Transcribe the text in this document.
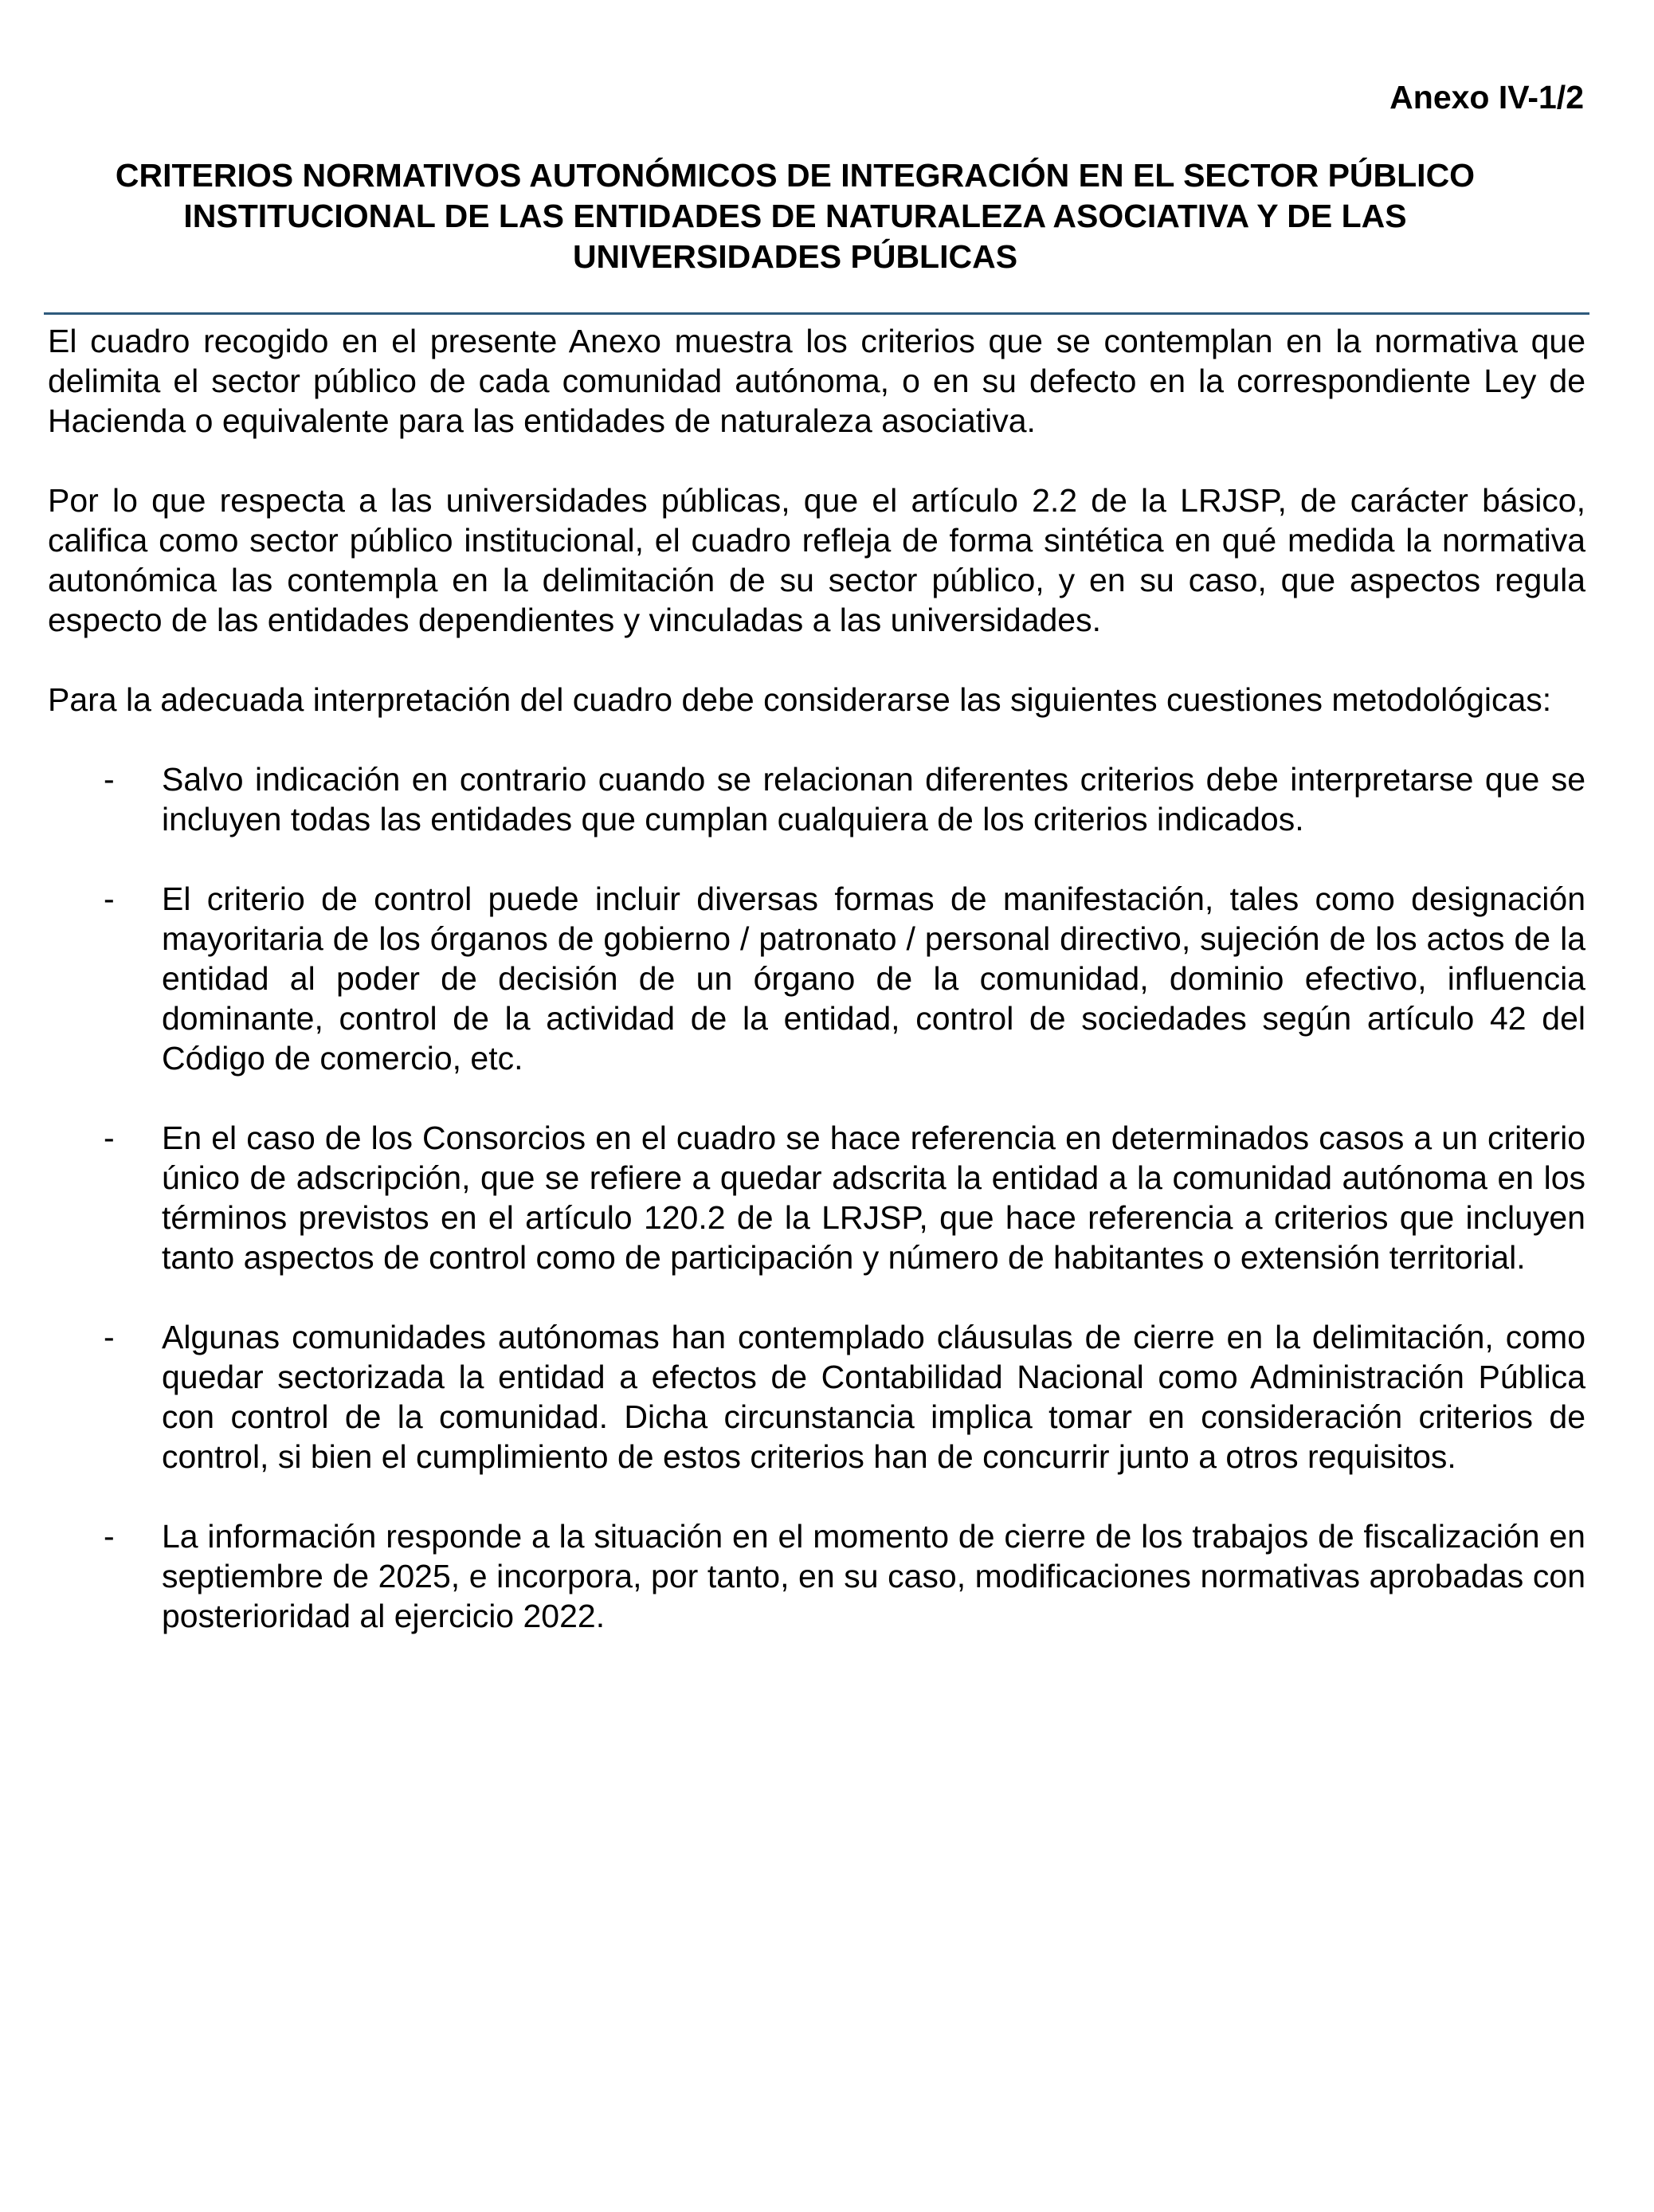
Anexo IV-1/2
CRITERIOS NORMATIVOS AUTONÓMICOS DE INTEGRACIÓN EN EL SECTOR PÚBLICO
INSTITUCIONAL DE LAS ENTIDADES DE NATURALEZA ASOCIATIVA Y DE LAS
UNIVERSIDADES PÚBLICAS

El cuadro recogido en el presente Anexo muestra los criterios que se contemplan en la normativa que delimita el sector público de cada comunidad autónoma, o en su defecto en la correspondiente Ley de Hacienda o equivalente para las entidades de naturaleza asociativa.

Por lo que respecta a las universidades públicas, que el artículo 2.2 de la LRJSP, de carácter básico, califica como sector público institucional, el cuadro refleja de forma sintética en qué medida la normativa autonómica las contempla en la delimitación de su sector público, y en su caso, que aspectos regula especto de las entidades dependientes y vinculadas a las universidades.

Para la adecuada interpretación del cuadro debe considerarse las siguientes cuestiones metodológicas:

- Salvo indicación en contrario cuando se relacionan diferentes criterios debe interpretarse que se incluyen todas las entidades que cumplan cualquiera de los criterios indicados.
- El criterio de control puede incluir diversas formas de manifestación, tales como designación mayoritaria de los órganos de gobierno / patronato / personal directivo, sujeción de los actos de la entidad al poder de decisión de un órgano de la comunidad, dominio efectivo, influencia dominante, control de la actividad de la entidad, control de sociedades según artículo 42 del Código de comercio, etc.
- En el caso de los Consorcios en el cuadro se hace referencia en determinados casos a un criterio único de adscripción, que se refiere a quedar adscrita la entidad a la comunidad autónoma en los términos previstos en el artículo 120.2 de la LRJSP, que hace referencia a criterios que incluyen tanto aspectos de control como de participación y número de habitantes o extensión territorial.
- Algunas comunidades autónomas han contemplado cláusulas de cierre en la delimitación, como quedar sectorizada la entidad a efectos de Contabilidad Nacional como Administración Pública con control de la comunidad. Dicha circunstancia implica tomar en consideración criterios de control, si bien el cumplimiento de estos criterios han de concurrir junto a otros requisitos.
- La información responde a la situación en el momento de cierre de los trabajos de fiscalización en septiembre de 2025, e incorpora, por tanto, en su caso, modificaciones normativas aprobadas con posterioridad al ejercicio 2022.
